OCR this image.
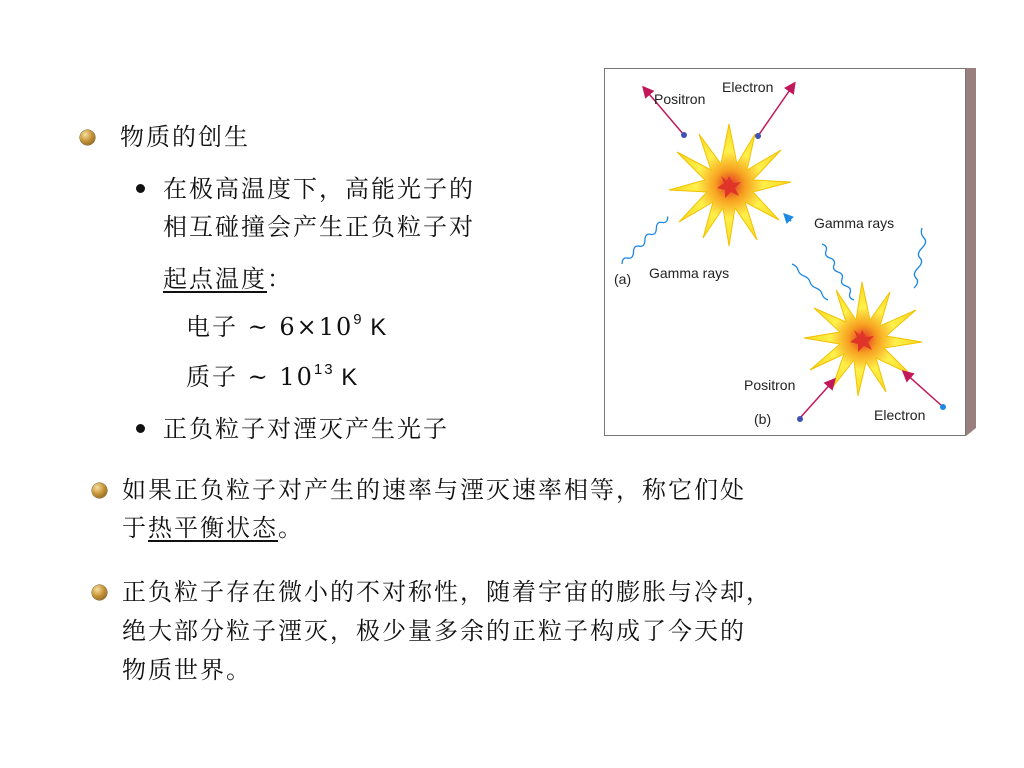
物质的创生
在极高温度下，高能光子的
相互碰撞会产生正负粒子对
起点温度：
电子 ~ $6\times 10^9$ K
质子 ~ $10^{13}$ K
正负粒子对湮灭产生光子
Positron
Electron
Gamma rays
(a) Gamma rays
Positron
(b)	Electron
如果正负粒子对产生的速率与湮灭速率相等，称它们处
于热平衡状态。
正负粒子存在微小的不对称性，随着宇宙的膨胀与冷却，
绝大部分粒子湮灭，极少量多余的正粒子构成了今天的
物质世界。
